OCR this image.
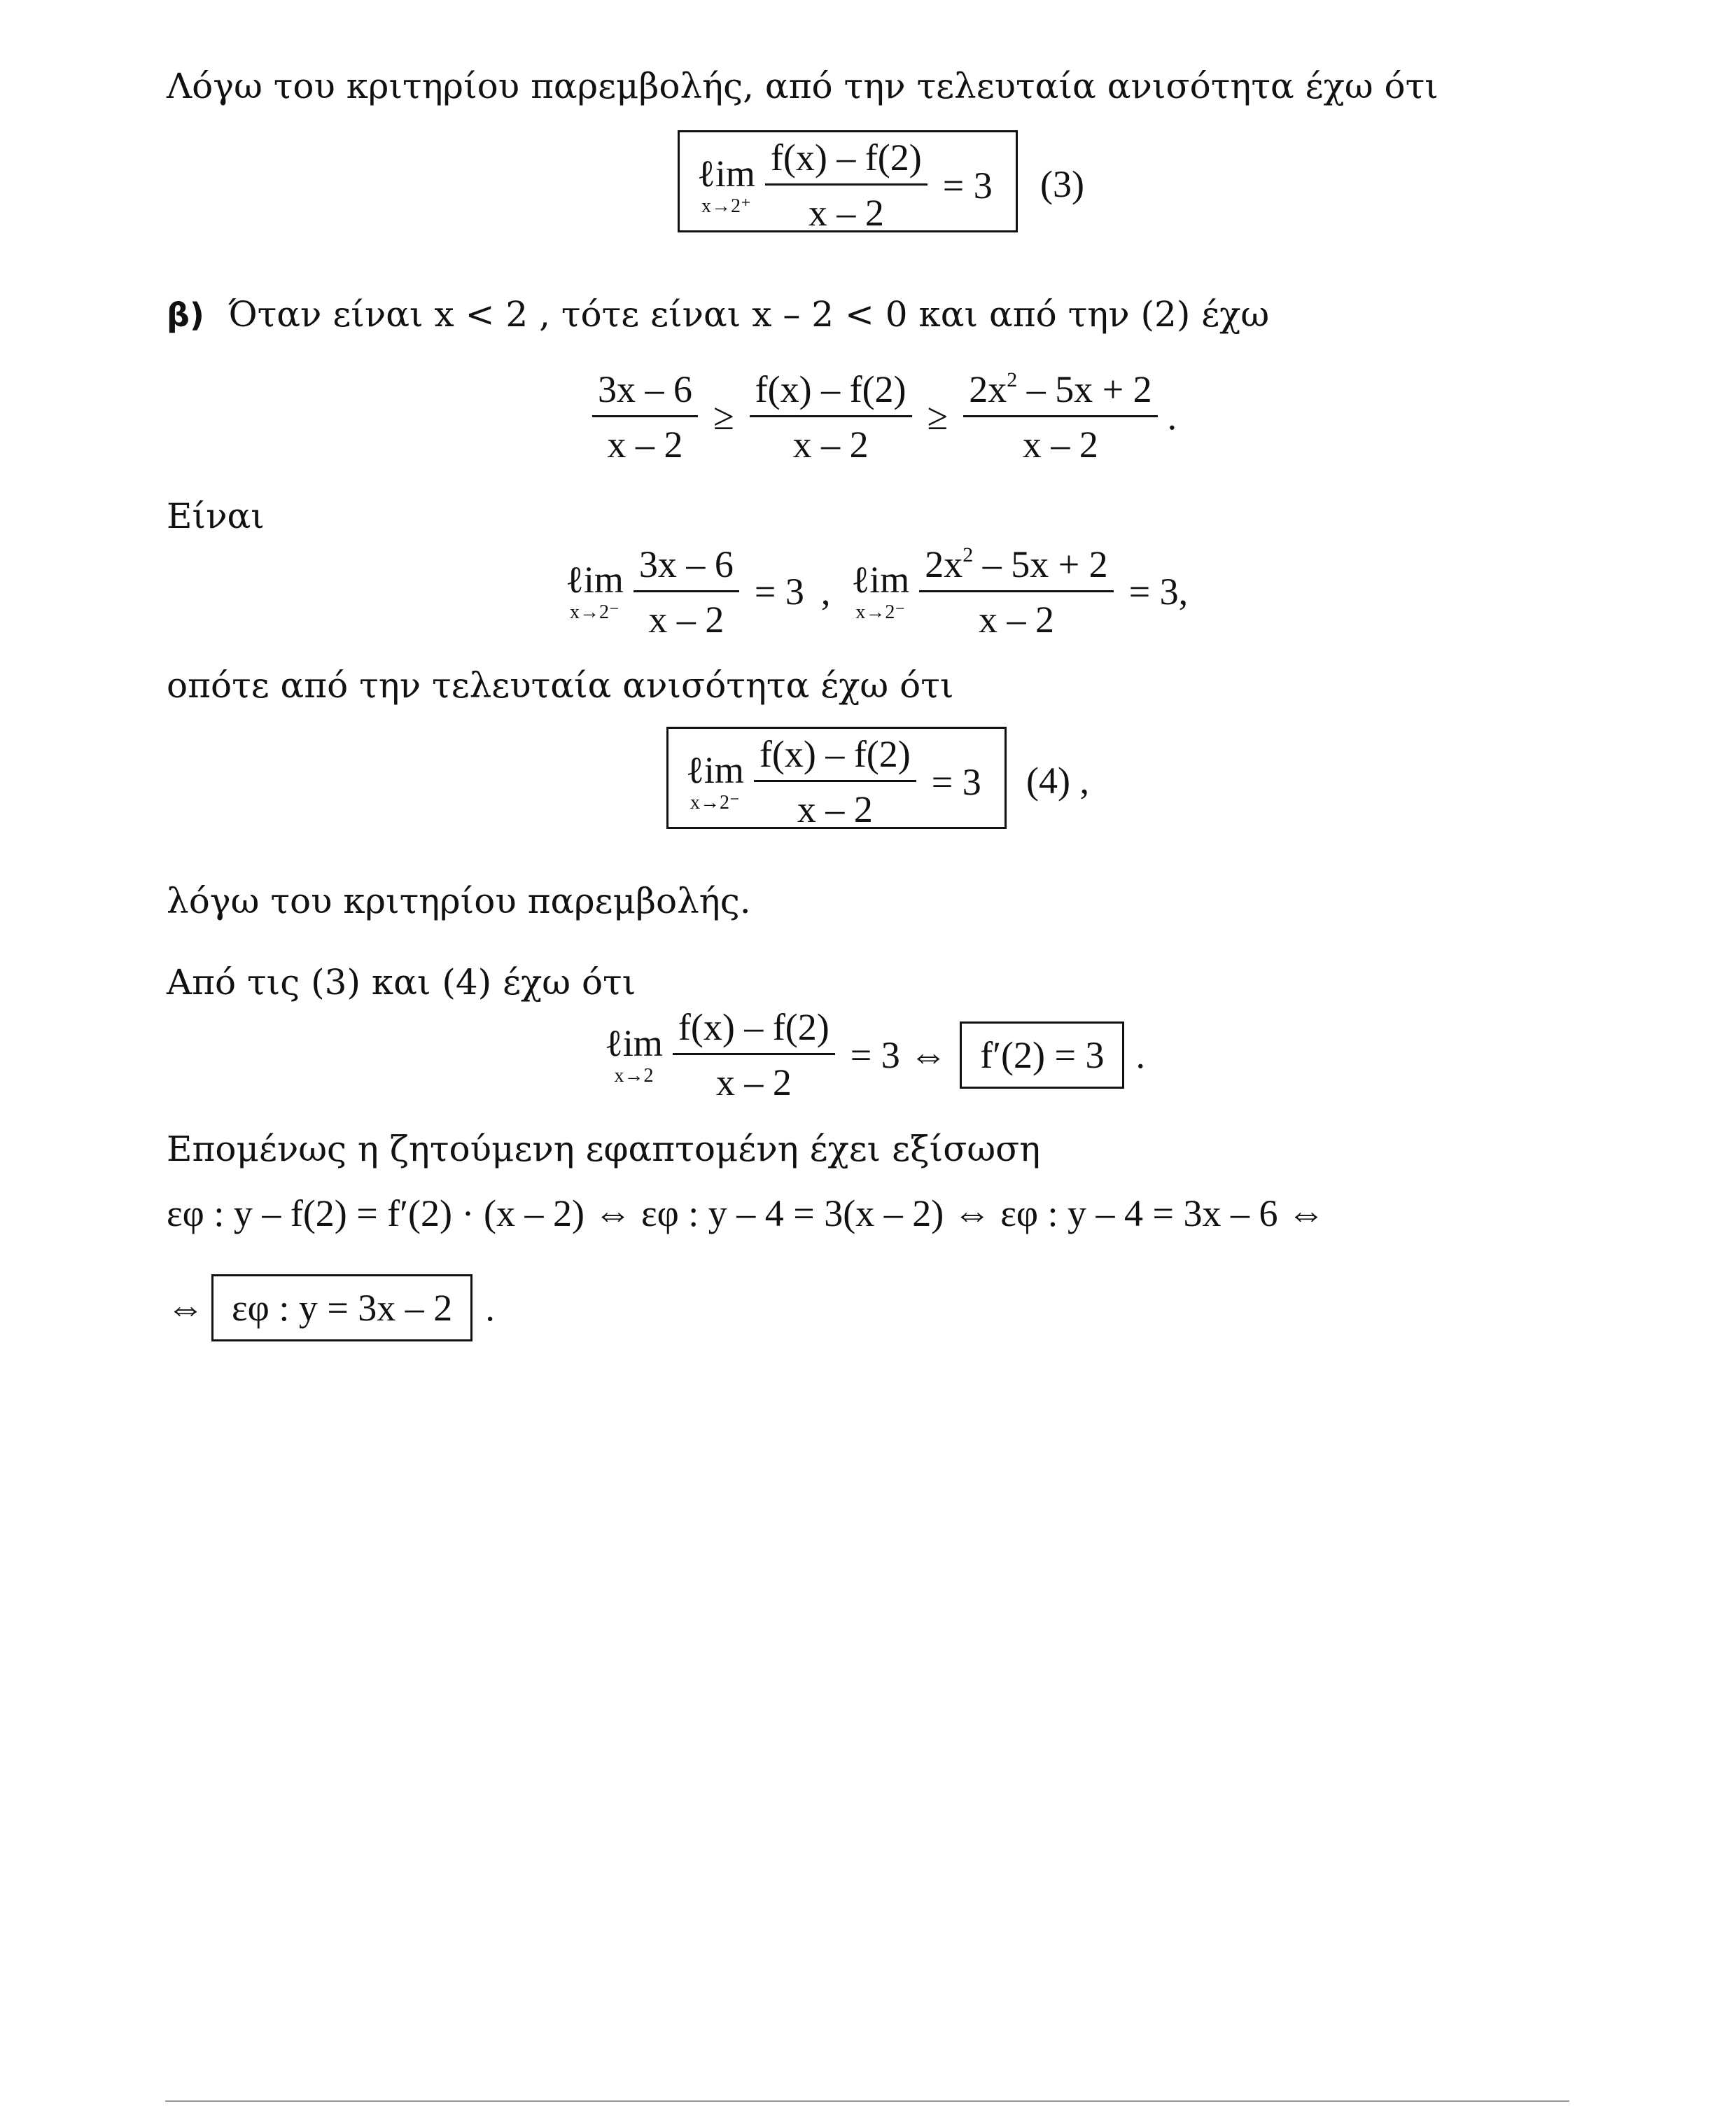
Λόγω του κριτηρίου παρεμβολής, από την τελευταία ανισότητα έχω ότι
ℓim
$x\to 2^+ \frac{f(x) - f(2)}{x - 2} = 3$ (3)
β) Όταν είναι x < 2 , τότε είναι x – 2 < 0 και από την (2) έχω
$\frac{3x - 6}{x - 2} \ge \frac{f(x) - f(2)}{x - 2} \ge \frac{2x^2 - 5x + 2}{x - 2}$ .
Είναι
ℓim
$x\to 2^- \frac{3x - 6}{x - 2} = 3$ , ℓim
$x\to 2^- \frac{2x^2 - 5x + 2}{x - 2} = 3$,
οπότε από την τελευταία ανισότητα έχω ότι
ℓim
$x\to 2^- \frac{f(x) - f(2)}{x - 2} = 3$ (4) ,
λόγω του κριτηρίου παρεμβολής.
Από τις (3) και (4) έχω ότι
ℓim
$x\to 2 \frac{f(x) - f(2)}{x - 2} = 3$ ⇔ f′(2) = 3 .
Επομένως η ζητούμενη εφαπτομένη έχει εξίσωση
εφ : y – f(2) = f′(2) · (x – 2) ⇔ εφ : y – 4 = 3(x – 2) ⇔ εφ : y – 4 = 3x – 6 ⇔
⇔ εφ : y = 3x – 2 .
